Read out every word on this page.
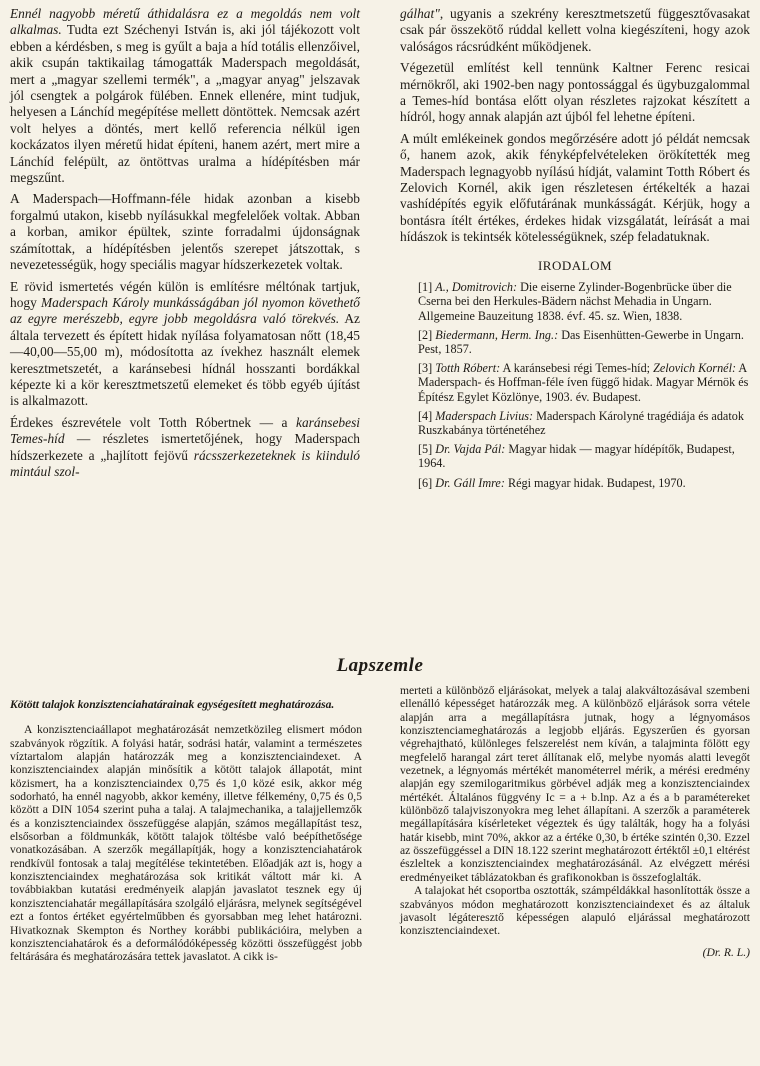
Ennél nagyobb méretű áthidalásra ez a megoldás nem volt alkalmas. Tudta ezt Széchenyi István is, aki jól tájékozott volt ebben a kérdésben, s meg is gyűlt a baja a híd totális ellenzőivel, akik csupán taktikailag támogatták Maderspach megoldását, mert a „magyar szellemi termék", a „magyar anyag" jelszavak jól csengtek a polgárok fülében. Ennek ellenére, mint tudjuk, helyesen a Lánchíd megépítése mellett döntöttek. Nemcsak azért volt helyes a döntés, mert kellő referencia nélkül igen kockázatos ilyen méretű hidat építeni, hanem azért, mert mire a Lánchíd felépült, az öntöttvas uralma a hídépítésben már megszűnt.

A Maderspach—Hoffmann-féle hidak azonban a kisebb forgalmú utakon, kisebb nyílásukkal megfelelőek voltak. Abban a korban, amikor épültek, szinte forradalmi újdonságnak számítottak, a hídépítésben jelentős szerepet játszottak, s nevezetességük, hogy speciális magyar hídszerkezetek voltak.

E rövid ismertetés végén külön is említésre méltónak tartjuk, hogy Maderspach Károly munkásságában jól nyomon követhető az egyre merészebb, egyre jobb megoldásra való törekvés. Az általa tervezett és épített hidak nyílása folyamatosan nőtt (18,45—40,00—55,00 m), módosította az ívekhez használt elemek keresztmetszetét, a karánsebesi hídnál hosszanti bordákkal képezte ki a kör keresztmetszetű elemeket és több egyéb újítást is alkalmazott.

Érdekes észrevétele volt Totth Róbertnek — a karánsebesi Temes-híd — részletes ismertetőjének, hogy Maderspach hídszerkezete a „hajlított fejövű rácsszerkezeteknek is kiinduló mintául szol-

gálhat", ugyanis a szekrény keresztmetszetű függesztővasakat csak pár összekötő rúddal kellett volna kiegészíteni, hogy azok valóságos rácsrúdként működjenek.

Végezetül említést kell tennünk Kaltner Ferenc resicai mérnökről, aki 1902-ben nagy pontossággal és ügybuzgalommal a Temes-híd bontása előtt olyan részletes rajzokat készített a hídról, hogy annak alapján azt újból fel lehetne építeni.

A múlt emlékeinek gondos megőrzésére adott jó példát nemcsak ő, hanem azok, akik fényképfelvételeken örökítették meg Maderspach legnagyobb nyílású hídját, valamint Totth Róbert és Zelovich Kornél, akik igen részletesen értékelték a hazai vashídépítés egyik előfutárának munkásságát. Kérjük, hogy a bontásra ítélt értékes, érdekes hidak vizsgálatát, leírását a mai hídászok is tekintsék kötelességüknek, szép feladatuknak.

IRODALOM

[1] A., Domitrovich: Die eiserne Zylinder-Bogenbrücke über die Cserna bei den Herkules-Bädern nächst Mehadia in Ungarn. Allgemeine Bauzeitung 1838. évf. 45. sz. Wien, 1838.

[2] Biedermann, Herm. Ing.: Das Eisenhütten-Gewerbe in Ungarn. Pest, 1857.

[3] Totth Róbert: A karánsebesi régi Temes-híd; Zelovich Kornél: A Maderspach- és Hoffman-féle íven függő hidak. Magyar Mérnök és Építész Egylet Közlönye, 1903. év. Budapest.

[4] Maderspach Livius: Maderspach Károlyné tragédiája és adatok Ruszkabánya történetéhez

[5] Dr. Vajda Pál: Magyar hidak — magyar hídépítők, Budapest, 1964.

[6] Dr. Gáll Imre: Régi magyar hidak. Budapest, 1970.

Lapszemle

Kötött talajok konzisztenciahatárainak egységesített meghatározása.

A konzisztenciaállapot meghatározását nemzetközileg elismert módon szabványok rögzítik. A folyási határ, sodrási határ, valamint a természetes víztartalom alapján határozzák meg a konzisztenciaindexet. A konzisztenciaindex alapján minősítik a kötött talajok állapotát, mint közismert, ha a konzisztenciaindex 0,75 és 1,0 közé esik, akkor még sodorható, ha ennél nagyobb, akkor kemény, illetve félkemény, 0,75 és 0,5 között a DIN 1054 szerint puha a talaj. A talajmechanika, a talajjellemzők és a konzisztenciaindex összefüggése alapján, számos megállapítást tesz, elsősorban a földmunkák, kötött talajok töltésbe való beépíthetősége vonatkozásában. A szerzők megállapítják, hogy a konzisztenciahatárok rendkívül fontosak a talaj megítélése tekintetében. Előadják azt is, hogy a konzisztenciaindex meghatározása sok kritikát váltott már ki. A továbbiakban kutatási eredményeik alapján javaslatot tesznek egy új konzisztenciahatár megállapítására szolgáló eljárásra, melynek segítségével ezt a fontos értéket egyértelműbben és gyorsabban meg lehet határozni. Hivatkoznak Skempton és Northey korábbi publikációira, melyben a konzisztenciahatárok és a deformálódóképesség közötti összefüggést jobb feltárására és meghatározására tettek javaslatot. A cikk is-

merteti a különböző eljárásokat, melyek a talaj alakváltozásával szembeni ellenálló képességet határozzák meg. A különböző eljárások sorra vétele alapján arra a megállapításra jutnak, hogy a légnyomásos konzisztenciameghatározás a legjobb eljárás. Egyszerűen és gyorsan végrehajtható, különleges felszerelést nem kíván, a talajminta fölött egy megfelelő harangal zárt teret állítanak elő, melybe nyomás alatti levegőt vezetnek, a légnyomás mértékét manométerrel mérik, a mérési eredmény alapján egy szemilogaritmikus görbével adják meg a konzisztenciaindex mértékét. Általános függvény Ic = a + b.lnp. Az a és a b paramétereket különböző talajviszonyokra meg lehet állapítani. A szerzők a paraméterek megállapítására kísérleteket végeztek és úgy találták, hogy ha a folyási határ kisebb, mint 70%, akkor az a értéke 0,30, b értéke szintén 0,30. Ezzel az összefüggéssel a DIN 18.122 szerint meghatározott értéktől ±0,1 eltérést észleltek a konzisztenciaindex meghatározásánál. Az elvégzett mérési eredményeiket táblázatokban és grafikonokban is összefoglalták.

A talajokat hét csoportba osztották, számpéldákkal hasonlították össze a szabványos módon meghatározott konzisztenciaindexet és az általuk javasolt légáteresztő képességen alapuló eljárással meghatározott konzisztenciaindexet.

(Dr. R. L.)
